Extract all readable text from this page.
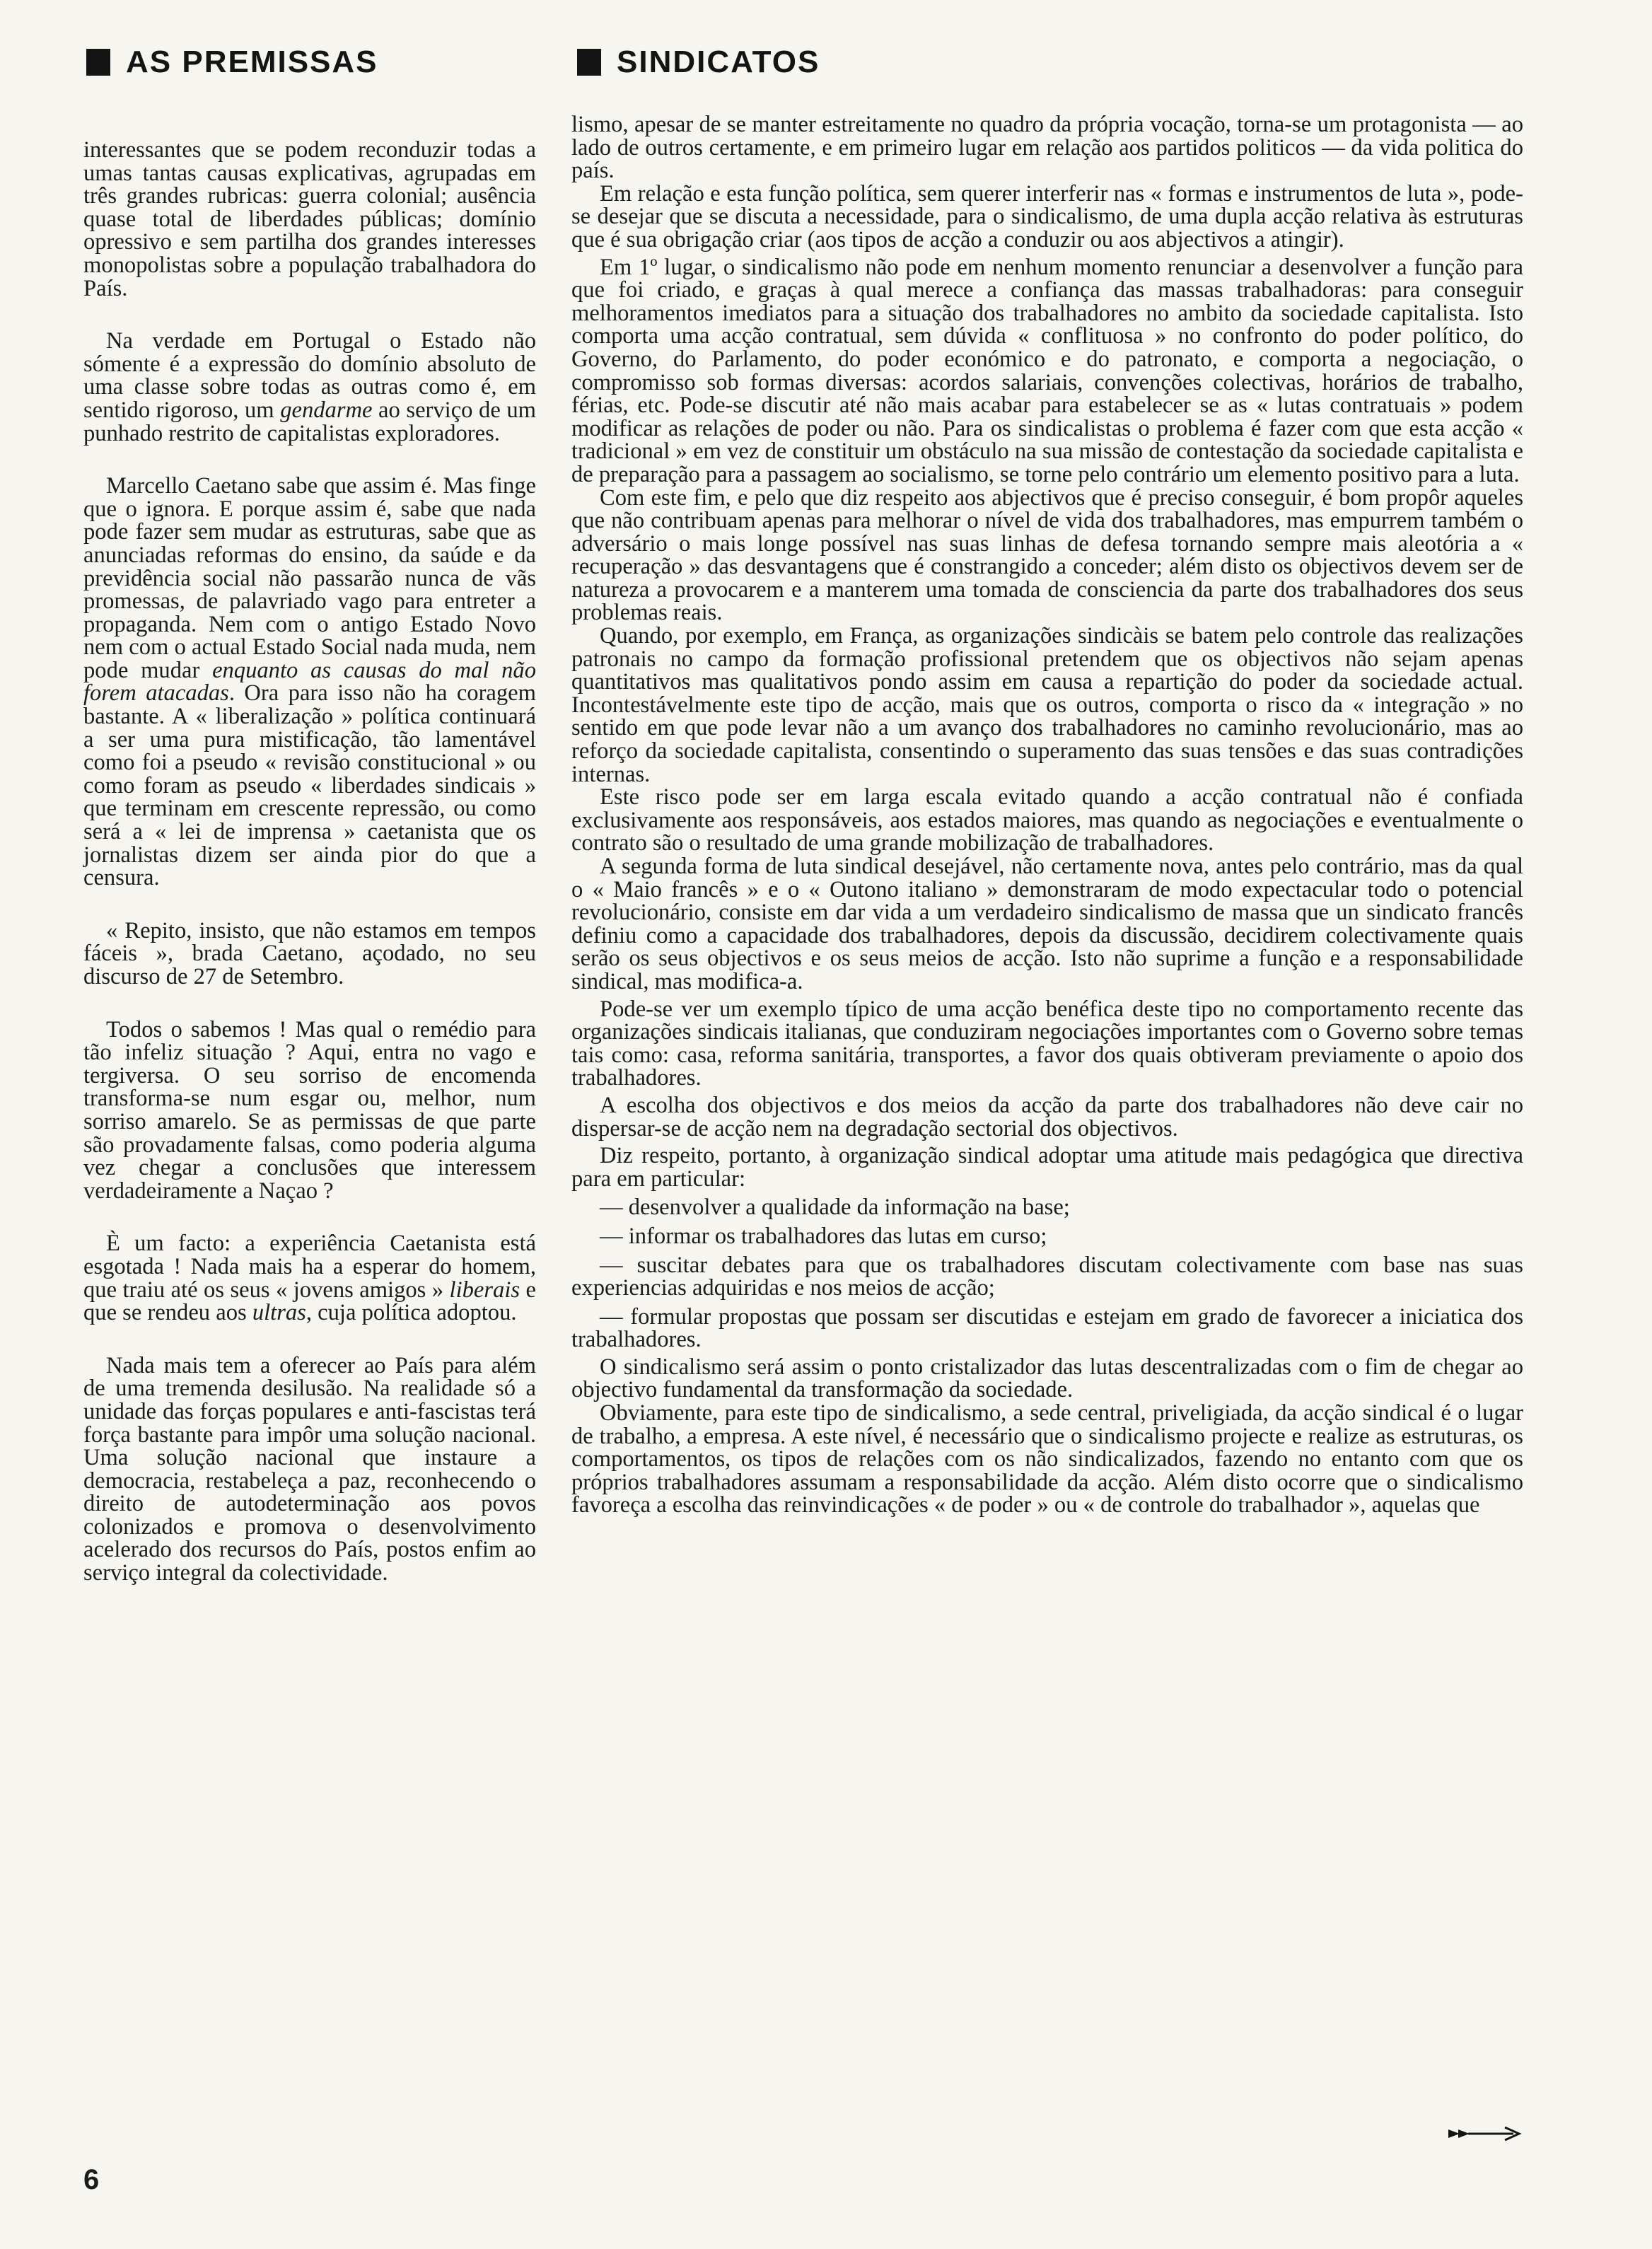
AS PREMISSAS	SINDICATOS

interessantes que se podem reconduzir todas a umas tantas causas explicativas, agrupadas em três grandes rubricas: guerra colonial; ausência quase total de liberdades públicas; domínio opressivo e sem partilha dos grandes interesses monopolistas sobre a população trabalhadora do País.

Na verdade em Portugal o Estado não sómente é a expressão do domínio absoluto de uma classe sobre todas as outras como é, em sentido rigoroso, um gendarme ao serviço de um punhado restrito de capitalistas exploradores.

Marcello Caetano sabe que assim é. Mas finge que o ignora. E porque assim é, sabe que nada pode fazer sem mudar as estruturas, sabe que as anunciadas reformas do ensino, da saúde e da previdência social não passarão nunca de vãs promessas, de palavriado vago para entreter a propaganda. Nem com o antigo Estado Novo nem com o actual Estado Social nada muda, nem pode mudar enquanto as causas do mal não forem atacadas. Ora para isso não ha coragem bastante. A « liberalização » política continuará a ser uma pura mistificação, tão lamentável como foi a pseudo « revisão constitucional » ou como foram as pseudo « liberdades sindicais » que terminam em crescente repressão, ou como será a « lei de imprensa » caetanista que os jornalistas dizem ser ainda pior do que a censura.

« Repito, insisto, que não estamos em tempos fáceis », brada Caetano, açodado, no seu discurso de 27 de Setembro.

Todos o sabemos ! Mas qual o remédio para tão infeliz situação ? Aqui, entra no vago e tergiversa. O seu sorriso de encomenda transforma-se num esgar ou, melhor, num sorriso amarelo. Se as permissas de que parte são provadamente falsas, como poderia alguma vez chegar a conclusões que interessem verdadeiramente a Naçao ?

È um facto: a experiência Caetanista está esgotada ! Nada mais ha a esperar do homem, que traiu até os seus « jovens amigos » liberais e que se rendeu aos ultras, cuja política adoptou.

Nada mais tem a oferecer ao País para além de uma tremenda desilusão. Na realidade só a unidade das forças populares e anti-fascistas terá força bastante para impôr uma solução nacional. Uma solução nacional que instaure a democracia, restabeleça a paz, reconhecendo o direito de autodeterminação aos povos colonizados e promova o desenvolvimento acelerado dos recursos do País, postos enfim ao serviço integral da colectividade.

lismo, apesar de se manter estreitamente no quadro da própria vocação, torna-se um protagonista — ao lado de outros certamente, e em primeiro lugar em relação aos partidos politicos — da vida politica do país.

Em relação e esta função política, sem querer interferir nas « formas e instrumentos de luta », pode-se desejar que se discuta a necessidade, para o sindicalismo, de uma dupla acção relativa às estruturas que é sua obrigação criar (aos tipos de acção a conduzir ou aos abjectivos a atingir).

Em 1º lugar, o sindicalismo não pode em nenhum momento renunciar a desenvolver a função para que foi criado, e graças à qual merece a confiança das massas trabalhadoras: para conseguir melhoramentos imediatos para a situação dos trabalhadores no ambito da sociedade capitalista. Isto comporta uma acção contratual, sem dúvida « conflituosa » no confronto do poder político, do Governo, do Parlamento, do poder económico e do patronato, e comporta a negociação, o compromisso sob formas diversas: acordos salariais, convenções colectivas, horários de trabalho, férias, etc. Pode-se discutir até não mais acabar para estabelecer se as « lutas contratuais » podem modificar as relações de poder ou não. Para os sindicalistas o problema é fazer com que esta acção « tradicional » em vez de constituir um obstáculo na sua missão de contestação da sociedade capitalista e de preparação para a passagem ao socialismo, se torne pelo contrário um elemento positivo para a luta.

Com este fim, e pelo que diz respeito aos abjectivos que é preciso conseguir, é bom propôr aqueles que não contribuam apenas para melhorar o nível de vida dos trabalhadores, mas empurrem também o adversário o mais longe possível nas suas linhas de defesa tornando sempre mais aleotória a « recuperação » das desvantagens que é constrangido a conceder; além disto os objectivos devem ser de natureza a provocarem e a manterem uma tomada de consciencia da parte dos trabalhadores dos seus problemas reais.

Quando, por exemplo, em França, as organizações sindicàis se batem pelo controle das realizações patronais no campo da formação profissional pretendem que os objectivos não sejam apenas quantitativos mas qualitativos pondo assim em causa a repartição do poder da sociedade actual. Incontestávelmente este tipo de acção, mais que os outros, comporta o risco da « integração » no sentido em que pode levar não a um avanço dos trabalhadores no caminho revolucionário, mas ao reforço da sociedade capitalista, consentindo o superamento das suas tensões e das suas contradições internas.

Este risco pode ser em larga escala evitado quando a acção contratual não é confiada exclusivamente aos responsáveis, aos estados maiores, mas quando as negociações e eventualmente o contrato são o resultado de uma grande mobilização de trabalhadores.

A segunda forma de luta sindical desejável, não certamente nova, antes pelo contrário, mas da qual o « Maio francês » e o « Outono italiano » demonstraram de modo expectacular todo o potencial revolucionário, consiste em dar vida a um verdadeiro sindicalismo de massa que un sindicato francês definiu como a capacidade dos trabalhadores, depois da discussão, decidirem colectivamente quais serão os seus objectivos e os seus meios de acção. Isto não suprime a função e a responsabilidade sindical, mas modifica-a.

Pode-se ver um exemplo típico de uma acção benéfica deste tipo no comportamento recente das organizações sindicais italianas, que conduziram negociações importantes com o Governo sobre temas tais como: casa, reforma sanitária, transportes, a favor dos quais obtiveram previamente o apoio dos trabalhadores.

A escolha dos objectivos e dos meios da acção da parte dos trabalhadores não deve cair no dispersar-se de acção nem na degradação sectorial dos objectivos.

Diz respeito, portanto, à organização sindical adoptar uma atitude mais pedagógica que directiva para em particular:

— desenvolver a qualidade da informação na base;

— informar os trabalhadores das lutas em curso;

— suscitar debates para que os trabalhadores discutam colectivamente com base nas suas experiencias adquiridas e nos meios de acção;

— formular propostas que possam ser discutidas e estejam em grado de favorecer a iniciatica dos trabalhadores.

O sindicalismo será assim o ponto cristalizador das lutas descentralizadas com o fim de chegar ao objectivo fundamental da transformação da sociedade.

Obviamente, para este tipo de sindicalismo, a sede central, priveligiada, da acção sindical é o lugar de trabalho, a empresa. A este nível, é necessário que o sindicalismo projecte e realize as estruturas, os comportamentos, os tipos de relações com os não sindicalizados, fazendo no entanto com que os próprios trabalhadores assumam a responsabilidade da acção. Além disto ocorre que o sindicalismo favoreça a escolha das reinvindicações « de poder » ou « de controle do trabalhador », aquelas que

6
